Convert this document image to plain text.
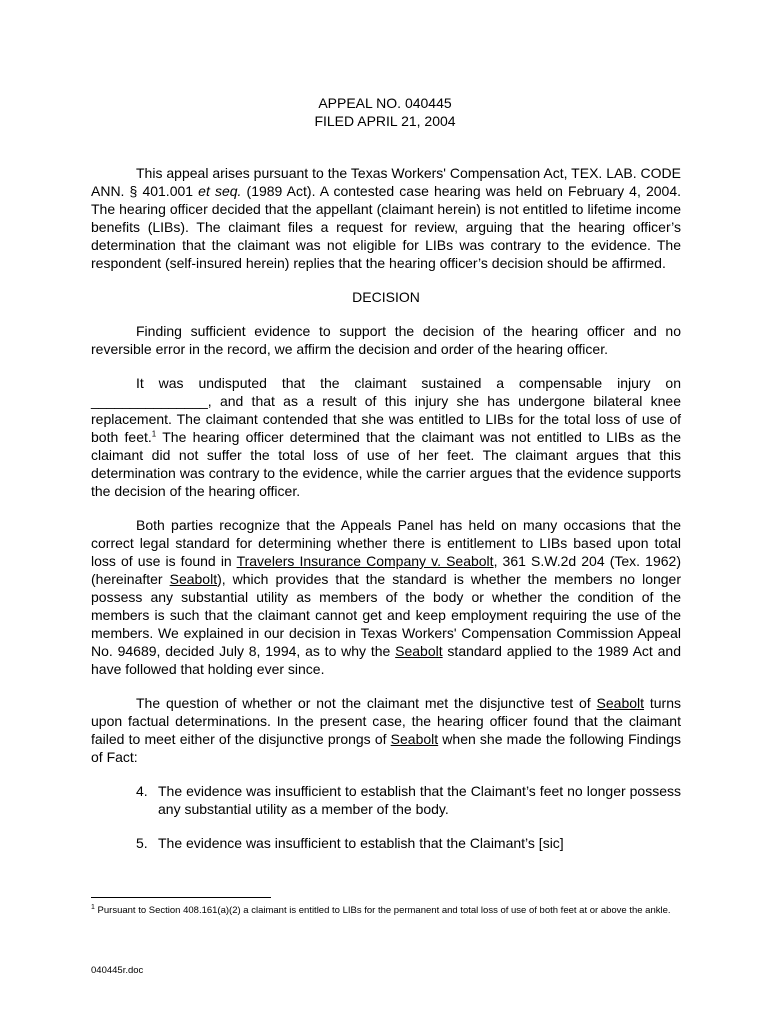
APPEAL NO. 040445
FILED APRIL 21, 2004

This appeal arises pursuant to the Texas Workers' Compensation Act, TEX. LAB. CODE ANN. § 401.001 et seq. (1989 Act). A contested case hearing was held on February 4, 2004. The hearing officer decided that the appellant (claimant herein) is not entitled to lifetime income benefits (LIBs). The claimant files a request for review, arguing that the hearing officer’s determination that the claimant was not eligible for LIBs was contrary to the evidence. The respondent (self-insured herein) replies that the hearing officer’s decision should be affirmed.

DECISION

Finding sufficient evidence to support the decision of the hearing officer and no reversible error in the record, we affirm the decision and order of the hearing officer.

It was undisputed that the claimant sustained a compensable injury on _______________, and that as a result of this injury she has undergone bilateral knee replacement. The claimant contended that she was entitled to LIBs for the total loss of use of both feet.$^1$ The hearing officer determined that the claimant was not entitled to LIBs as the claimant did not suffer the total loss of use of her feet. The claimant argues that this determination was contrary to the evidence, while the carrier argues that the evidence supports the decision of the hearing officer.

Both parties recognize that the Appeals Panel has held on many occasions that the correct legal standard for determining whether there is entitlement to LIBs based upon total loss of use is found in Travelers Insurance Company v. Seabolt, 361 S.W.2d 204 (Tex. 1962) (hereinafter Seabolt), which provides that the standard is whether the members no longer possess any substantial utility as members of the body or whether the condition of the members is such that the claimant cannot get and keep employment requiring the use of the members. We explained in our decision in Texas Workers' Compensation Commission Appeal No. 94689, decided July 8, 1994, as to why the Seabolt standard applied to the 1989 Act and have followed that holding ever since.

The question of whether or not the claimant met the disjunctive test of Seabolt turns upon factual determinations. In the present case, the hearing officer found that the claimant failed to meet either of the disjunctive prongs of Seabolt when she made the following Findings of Fact:

4. The evidence was insufficient to establish that the Claimant’s feet no longer possess any substantial utility as a member of the body.
5. The evidence was insufficient to establish that the Claimant’s [sic]
$^1$ Pursuant to Section 408.161(a)(2) a claimant is entitled to LIBs for the permanent and total loss of use of both feet at or above the ankle.
040445r.doc
